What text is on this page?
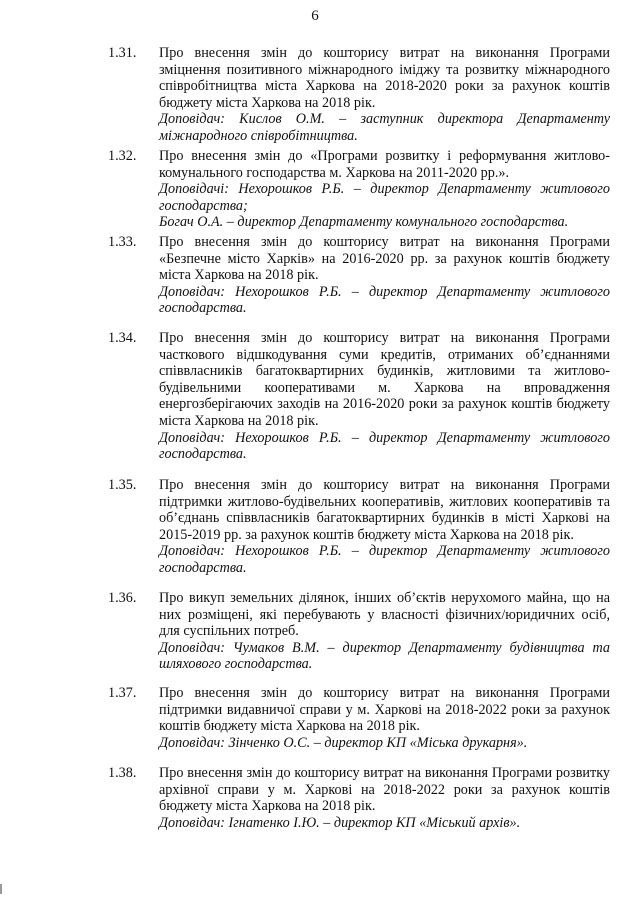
6
1.31.	Про внесення змін до кошторису витрат на виконання Програми зміцнення позитивного міжнародного іміджу та розвитку міжнародного співробітництва міста Харкова на 2018-2020 роки за рахунок коштів бюджету міста Харкова на 2018 рік.

Доповідач: Кислов О.М. – заступник директора Департаменту міжнародного співробітництва.

1.32.	Про внесення змін до «Програми розвитку і реформування житлово-комунального господарства м. Харкова на 2011-2020 рр.».

Доповідачі: Нехорошков Р.Б. – директор Департаменту житлового господарства;

Богач О.А. – директор Департаменту комунального господарства.

1.33.	Про внесення змін до кошторису витрат на виконання Програми «Безпечне місто Харків» на 2016-2020 рр. за рахунок коштів бюджету міста Харкова на 2018 рік.

Доповідач: Нехорошков Р.Б. – директор Департаменту житлового господарства.

1.34.	Про внесення змін до кошторису витрат на виконання Програми часткового відшкодування суми кредитів, отриманих об’єднаннями співвласників багатоквартирних будинків, житловими та житлово-будівельними кооперативами м. Харкова на впровадження енергозберігаючих заходів на 2016-2020 роки за рахунок коштів бюджету міста Харкова на 2018 рік.

Доповідач: Нехорошков Р.Б. – директор Департаменту житлового господарства.

1.35.	Про внесення змін до кошторису витрат на виконання Програми підтримки житлово-будівельних кооперативів, житлових кооперативів та об’єднань співвласників багатоквартирних будинків в місті Харкові на 2015-2019 рр. за рахунок коштів бюджету міста Харкова на 2018 рік.

Доповідач: Нехорошков Р.Б. – директор Департаменту житлового господарства.

1.36.	Про викуп земельних ділянок, інших об’єктів нерухомого майна, що на них розміщені, які перебувають у власності фізичних/юридичних осіб, для суспільних потреб.

Доповідач: Чумаков В.М. – директор Департаменту будівництва та шляхового господарства.

1.37.	Про внесення змін до кошторису витрат на виконання Програми підтримки видавничої справи у м. Харкові на 2018-2022 роки за рахунок коштів бюджету міста Харкова на 2018 рік.

Доповідач: Зінченко О.С. – директор КП «Міська друкарня».

1.38.	Про внесення змін до кошторису витрат на виконання Програми розвитку архівної справи у м. Харкові на 2018-2022 роки за рахунок коштів бюджету міста Харкова на 2018 рік.

Доповідач: Ігнатенко І.Ю. – директор КП «Міський архів».
